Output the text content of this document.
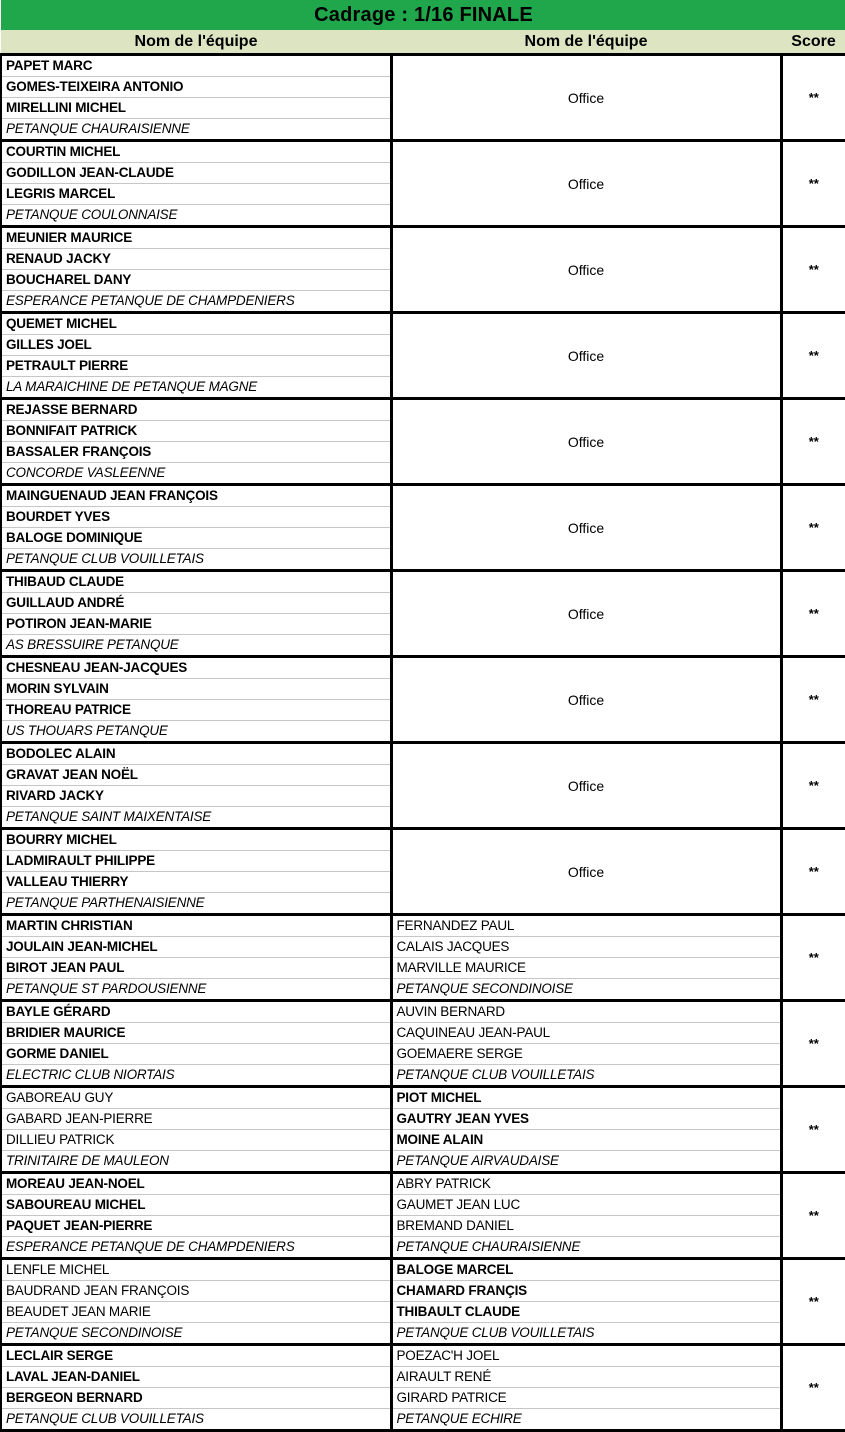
Cadrage : 1/16 FINALE		
Nom de l'équipe	Nom de l'équipe	Score
PAPET MARC	Office	**
GOMES-TEIXEIRA ANTONIO		
MIRELLINI MICHEL		
PETANQUE CHAURAISIENNE		
COURTIN MICHEL	Office	**
GODILLON JEAN-CLAUDE		
LEGRIS MARCEL		
PETANQUE COULONNAISE		
MEUNIER MAURICE	Office	**
RENAUD JACKY		
BOUCHAREL DANY		
ESPERANCE PETANQUE DE CHAMPDENIERS		
QUEMET MICHEL	Office	**
GILLES JOEL		
PETRAULT PIERRE		
LA MARAICHINE DE PETANQUE MAGNE		
REJASSE BERNARD	Office	**
BONNIFAIT PATRICK		
BASSALER FRANÇOIS		
CONCORDE VASLEENNE		
MAINGUENAUD JEAN FRANÇOIS	Office	**
BOURDET YVES		
BALOGE DOMINIQUE		
PETANQUE CLUB VOUILLETAIS		
THIBAUD CLAUDE	Office	**
GUILLAUD ANDRÉ		
POTIRON JEAN-MARIE		
AS BRESSUIRE PETANQUE		
CHESNEAU JEAN-JACQUES	Office	**
MORIN SYLVAIN		
THOREAU PATRICE		
US THOUARS PETANQUE		
BODOLEC ALAIN	Office	**
GRAVAT JEAN NOËL		
RIVARD JACKY		
PETANQUE SAINT MAIXENTAISE		
BOURRY MICHEL	Office	**
LADMIRAULT PHILIPPE		
VALLEAU THIERRY		
PETANQUE PARTHENAISIENNE		
MARTIN CHRISTIAN	FERNANDEZ PAUL	**
JOULAIN JEAN-MICHEL	CALAIS JACQUES	
BIROT JEAN PAUL	MARVILLE MAURICE	
PETANQUE ST PARDOUSIENNE	PETANQUE SECONDINOISE	
BAYLE GÉRARD	AUVIN BERNARD	**
BRIDIER MAURICE	CAQUINEAU JEAN-PAUL	
GORME DANIEL	GOEMAERE SERGE	
ELECTRIC CLUB NIORTAIS	PETANQUE CLUB VOUILLETAIS	
GABOREAU GUY	PIOT MICHEL	**
GABARD JEAN-PIERRE	GAUTRY JEAN YVES	
DILLIEU PATRICK	MOINE ALAIN	
TRINITAIRE DE MAULEON	PETANQUE AIRVAUDAISE	
MOREAU JEAN-NOEL	ABRY PATRICK	**
SABOUREAU MICHEL	GAUMET JEAN LUC	
PAQUET JEAN-PIERRE	BREMAND DANIEL	
ESPERANCE PETANQUE DE CHAMPDENIERS	PETANQUE CHAURAISIENNE	
LENFLE MICHEL	BALOGE MARCEL	**
BAUDRAND JEAN FRANÇOIS	CHAMARD FRANÇIS	
BEAUDET JEAN MARIE	THIBAULT CLAUDE	
PETANQUE SECONDINOISE	PETANQUE CLUB VOUILLETAIS	
LECLAIR SERGE	POEZAC'H JOEL	**
LAVAL JEAN-DANIEL	AIRAULT RENÉ	
BERGEON BERNARD	GIRARD PATRICE	
PETANQUE CLUB VOUILLETAIS	PETANQUE ECHIRE	
